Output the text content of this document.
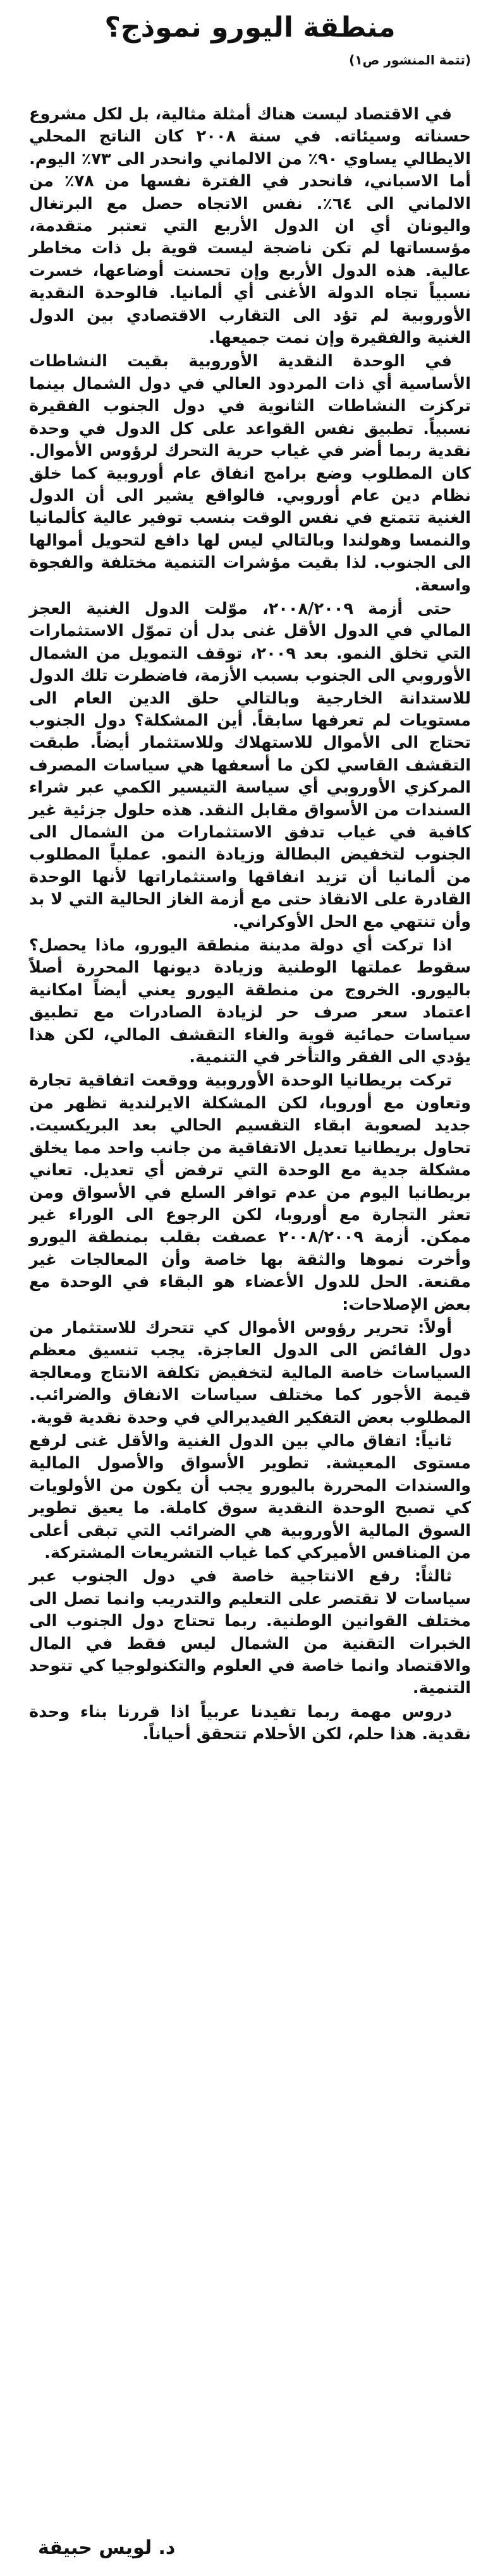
منطقة اليورو نموذج؟
(تتمة المنشور ص١)

في الاقتصاد ليست هناك أمثلة مثالية، بل لكل مشروع حسناته وسيئاته. في سنة ٢٠٠٨ كان الناتج المحلي الايطالي يساوي ٩٠٪ من الالماني وانحدر الى ٧٣٪ اليوم. أما الاسباني، فانحدر في الفترة نفسها من ٧٨٪ من الالماني الى ٦٤٪. نفس الاتجاه حصل مع البرتغال واليونان أي ان الدول الأربع التي تعتبر متقدمة، مؤسساتها لم تكن ناضجة ليست قوية بل ذات مخاطر عالية. هذه الدول الأربع وإن تحسنت أوضاعها، خسرت نسبياً تجاه الدولة الأغنى أي ألمانيا. فالوحدة النقدية الأوروبية لم تؤد الى التقارب الاقتصادي بين الدول الغنية والفقيرة وإن نمت جميعها.

في الوحدة النقدية الأوروبية بقيت النشاطات الأساسية أي ذات المردود العالي في دول الشمال بينما تركزت النشاطات الثانوية في دول الجنوب الفقيرة نسبياً. تطبيق نفس القواعد على كل الدول في وحدة نقدية ربما أضر في غياب حرية التحرك لرؤوس الأموال. كان المطلوب وضع برامج انفاق عام أوروبية كما خلق نظام دين عام أوروبي. فالواقع يشير الى أن الدول الغنية تتمتع في نفس الوقت بنسب توفير عالية كألمانيا والنمسا وهولندا وبالتالي ليس لها دافع لتحويل أموالها الى الجنوب. لذا بقيت مؤشرات التنمية مختلفة والفجوة واسعة.

حتى أزمة ٢٠٠٨/٢٠٠٩، موّلت الدول الغنية العجز المالي في الدول الأقل غنى بدل أن تموّل الاستثمارات التي تخلق النمو. بعد ٢٠٠٩، توقف التمويل من الشمال الأوروبي الى الجنوب بسبب الأزمة، فاضطرت تلك الدول للاستدانة الخارجية وبالتالي حلق الدين العام الى مستويات لم تعرفها سابقاً. أين المشكلة؟ دول الجنوب تحتاج الى الأموال للاستهلاك وللاستثمار أيضاً. طبقت التقشف القاسي لكن ما أسعفها هي سياسات المصرف المركزي الأوروبي أي سياسة التيسير الكمي عبر شراء السندات من الأسواق مقابل النقد. هذه حلول جزئية غير كافية في غياب تدفق الاستثمارات من الشمال الى الجنوب لتخفيض البطالة وزيادة النمو. عملياً المطلوب من ألمانيا أن تزيد انفاقها واستثماراتها لأنها الوحدة القادرة على الانقاذ حتى مع أزمة الغاز الحالية التي لا بد وأن تنتهي مع الحل الأوكراني.

اذا تركت أي دولة مدينة منطقة اليورو، ماذا يحصل؟ سقوط عملتها الوطنية وزيادة ديونها المحررة أصلاً باليورو. الخروج من منطقة اليورو يعني أيضاً امكانية اعتماد سعر صرف حر لزيادة الصادرات مع تطبيق سياسات حمائية قوية والغاء التقشف المالي، لكن هذا يؤدي الى الفقر والتأخر في التنمية.

تركت بريطانيا الوحدة الأوروبية ووقعت اتفاقية تجارة وتعاون مع أوروبا، لكن المشكلة الايرلندية تظهر من جديد لصعوبة ابقاء التقسيم الحالي بعد البريكسيت. تحاول بريطانيا تعديل الاتفاقية من جانب واحد مما يخلق مشكلة جدية مع الوحدة التي ترفض أي تعديل. تعاني بريطانيا اليوم من عدم توافر السلع في الأسواق ومن تعثر التجارة مع أوروبا، لكن الرجوع الى الوراء غير ممكن. أزمة ٢٠٠٨/٢٠٠٩ عصفت بقلب بمنطقة اليورو وأخرت نموها والثقة بها خاصة وأن المعالجات غير مقنعة. الحل للدول الأعضاء هو البقاء في الوحدة مع بعض الإصلاحات:

أولاً: تحرير رؤوس الأموال كي تتحرك للاستثمار من دول الفائض الى الدول العاجزة. يجب تنسيق معظم السياسات خاصة المالية لتخفيض تكلفة الانتاج ومعالجة قيمة الأجور كما مختلف سياسات الانفاق والضرائب. المطلوب بعض التفكير الفيديرالي في وحدة نقدية قوية.

ثانياً: اتفاق مالي بين الدول الغنية والأقل غنى لرفع مستوى المعيشة. تطوير الأسواق والأصول المالية والسندات المحررة باليورو يجب أن يكون من الأولويات كي تصبح الوحدة النقدية سوق كاملة. ما يعيق تطوير السوق المالية الأوروبية هي الضرائب التي تبقى أعلى من المنافس الأميركي كما غياب التشريعات المشتركة.

ثالثاً: رفع الانتاجية خاصة في دول الجنوب عبر سياسات لا تقتصر على التعليم والتدريب وانما تصل الى مختلف القوانين الوطنية. ربما تحتاج دول الجنوب الى الخبرات التقنية من الشمال ليس فقط في المال والاقتصاد وانما خاصة في العلوم والتكنولوجيا كي تتوحد التنمية.

دروس مهمة ربما تفيدنا عربياً اذا قررنا بناء وحدة نقدية. هذا حلم، لكن الأحلام تتحقق أحياناً.

د. لويس حبيقة
